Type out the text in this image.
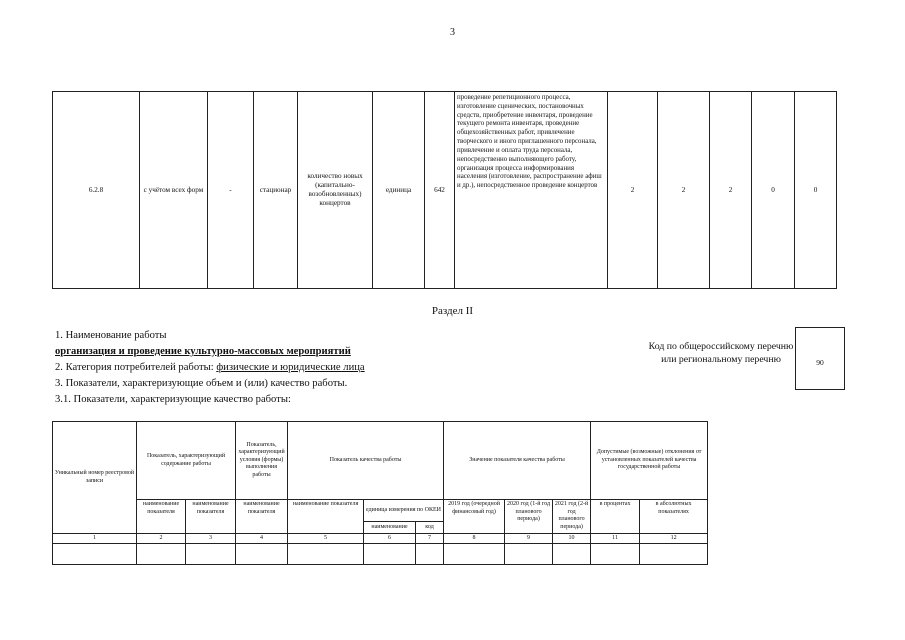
3
6.2.8	с учётом всех форм	-	стационар	количество новых (капитально-возобновленных) концертов	единица	642	проведение репетиционного процесса, изготовление сценических, постановочных средств, приобретение инвентаря, проведение текущего ремонта инвентаря, проведение общехозяйственных работ, привлечение творческого и иного приглашенного персонала, привлечение и оплата труда персонала, непосредственно выполняющего работу, организация процесса информирования населения (изготовление, распространение афиш и др.), непосредственное проведение концертов	2	2	2	0	0
Раздел II
1. Наименование работы
организация и проведение культурно-массовых мероприятий
2. Категория потребителей работы: физические и юридические лица
3. Показатели, характеризующие объем и (или) качество работы.
3.1. Показатели, характеризующие качество работы:
Код по общероссийскому перечню или региональному перечню	90
Уникальный номер реестровой записи	Показатель, характеризующий содержание работы		Показатель, характеризующий условия (формы) выполнения работы	Показатель качества работы			Значение показателя качества работы			Допустимые (возможные) отклонения от установленных показателей качества государственной работы	
	наименование показателя	наименование показателя	наименование показателя	наименование показателя	единица измерения по ОКЕИ		2019 год (очередной финансовый год)	2020 год (1-й год планового периода)	2021 год (2-й год планового периода)	в процентах	в абсолютных показателях
					наименование	код					
1	2	3	4	5	6	7	8	9	10	11	12
